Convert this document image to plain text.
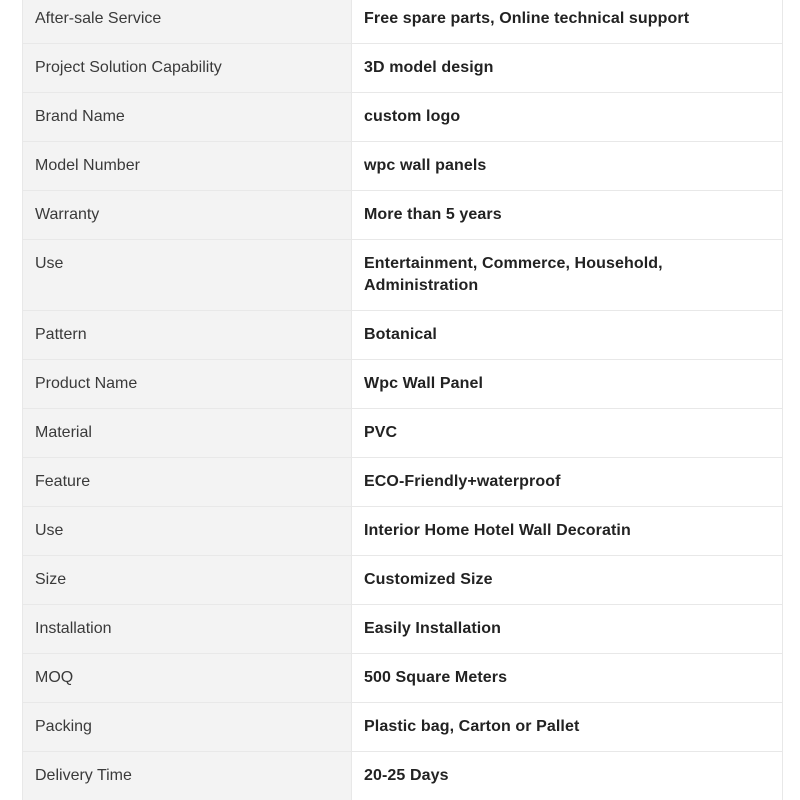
After-sale Service	Free spare parts, Online technical support
Project Solution Capability	3D model design
Brand Name	custom logo
Model Number	wpc wall panels
Warranty	More than 5 years
Use	Entertainment, Commerce, Household, Administration
Pattern	Botanical
Product Name	Wpc Wall Panel
Material	PVC
Feature	ECO-Friendly+waterproof
Use	Interior Home Hotel Wall Decoratin
Size	Customized Size
Installation	Easily Installation
MOQ	500 Square Meters
Packing	Plastic bag, Carton or Pallet
Delivery Time	20-25 Days
